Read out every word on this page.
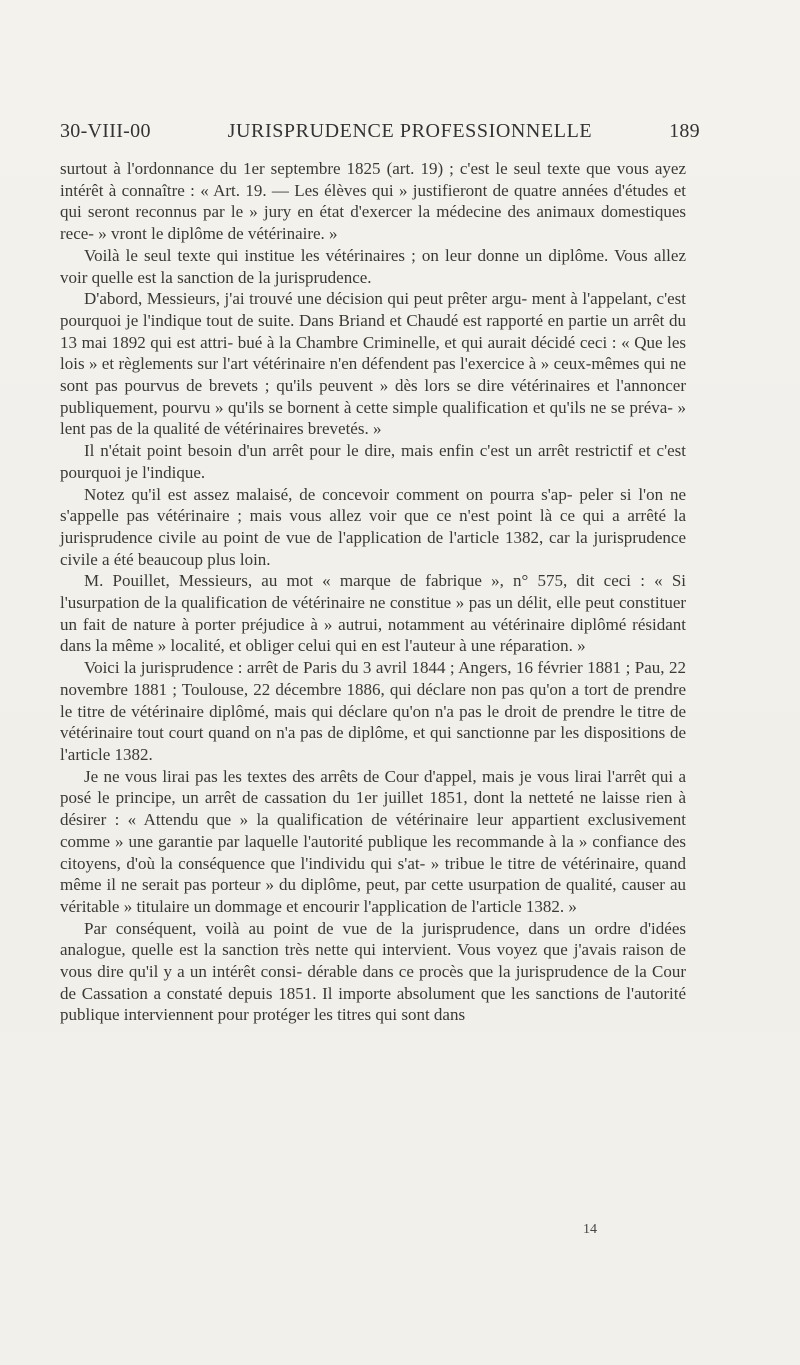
30-VIII-00	JURISPRUDENCE PROFESSIONNELLE	189

surtout à l'ordonnance du 1er septembre 1825 (art. 19) ; c'est le seul texte que vous ayez intérêt à connaître : « Art. 19. — Les élèves qui » justifieront de quatre années d'études et qui seront reconnus par le » jury en état d'exercer la médecine des animaux domestiques rece- » vront le diplôme de vétérinaire. »

Voilà le seul texte qui institue les vétérinaires ; on leur donne un diplôme. Vous allez voir quelle est la sanction de la jurisprudence.

D'abord, Messieurs, j'ai trouvé une décision qui peut prêter argu- ment à l'appelant, c'est pourquoi je l'indique tout de suite. Dans Briand et Chaudé est rapporté en partie un arrêt du 13 mai 1892 qui est attri- bué à la Chambre Criminelle, et qui aurait décidé ceci : « Que les lois » et règlements sur l'art vétérinaire n'en défendent pas l'exercice à » ceux-mêmes qui ne sont pas pourvus de brevets ; qu'ils peuvent » dès lors se dire vétérinaires et l'annoncer publiquement, pourvu » qu'ils se bornent à cette simple qualification et qu'ils ne se préva- » lent pas de la qualité de vétérinaires brevetés. »

Il n'était point besoin d'un arrêt pour le dire, mais enfin c'est un arrêt restrictif et c'est pourquoi je l'indique.

Notez qu'il est assez malaisé, de concevoir comment on pourra s'ap- peler si l'on ne s'appelle pas vétérinaire ; mais vous allez voir que ce n'est point là ce qui a arrêté la jurisprudence civile au point de vue de l'application de l'article 1382, car la jurisprudence civile a été beaucoup plus loin.

M. Pouillet, Messieurs, au mot « marque de fabrique », n° 575, dit ceci : « Si l'usurpation de la qualification de vétérinaire ne constitue » pas un délit, elle peut constituer un fait de nature à porter préjudice à » autrui, notamment au vétérinaire diplômé résidant dans la même » localité, et obliger celui qui en est l'auteur à une réparation. »

Voici la jurisprudence : arrêt de Paris du 3 avril 1844 ; Angers, 16 février 1881 ; Pau, 22 novembre 1881 ; Toulouse, 22 décembre 1886, qui déclare non pas qu'on a tort de prendre le titre de vétérinaire diplômé, mais qui déclare qu'on n'a pas le droit de prendre le titre de vétérinaire tout court quand on n'a pas de diplôme, et qui sanctionne par les dispositions de l'article 1382.

Je ne vous lirai pas les textes des arrêts de Cour d'appel, mais je vous lirai l'arrêt qui a posé le principe, un arrêt de cassation du 1er juillet 1851, dont la netteté ne laisse rien à désirer : « Attendu que » la qualification de vétérinaire leur appartient exclusivement comme » une garantie par laquelle l'autorité publique les recommande à la » confiance des citoyens, d'où la conséquence que l'individu qui s'at- » tribue le titre de vétérinaire, quand même il ne serait pas porteur » du diplôme, peut, par cette usurpation de qualité, causer au véritable » titulaire un dommage et encourir l'application de l'article 1382. »

Par conséquent, voilà au point de vue de la jurisprudence, dans un ordre d'idées analogue, quelle est la sanction très nette qui intervient. Vous voyez que j'avais raison de vous dire qu'il y a un intérêt consi- dérable dans ce procès que la jurisprudence de la Cour de Cassation a constaté depuis 1851. Il importe absolument que les sanctions de l'autorité publique interviennent pour protéger les titres qui sont dans

14
